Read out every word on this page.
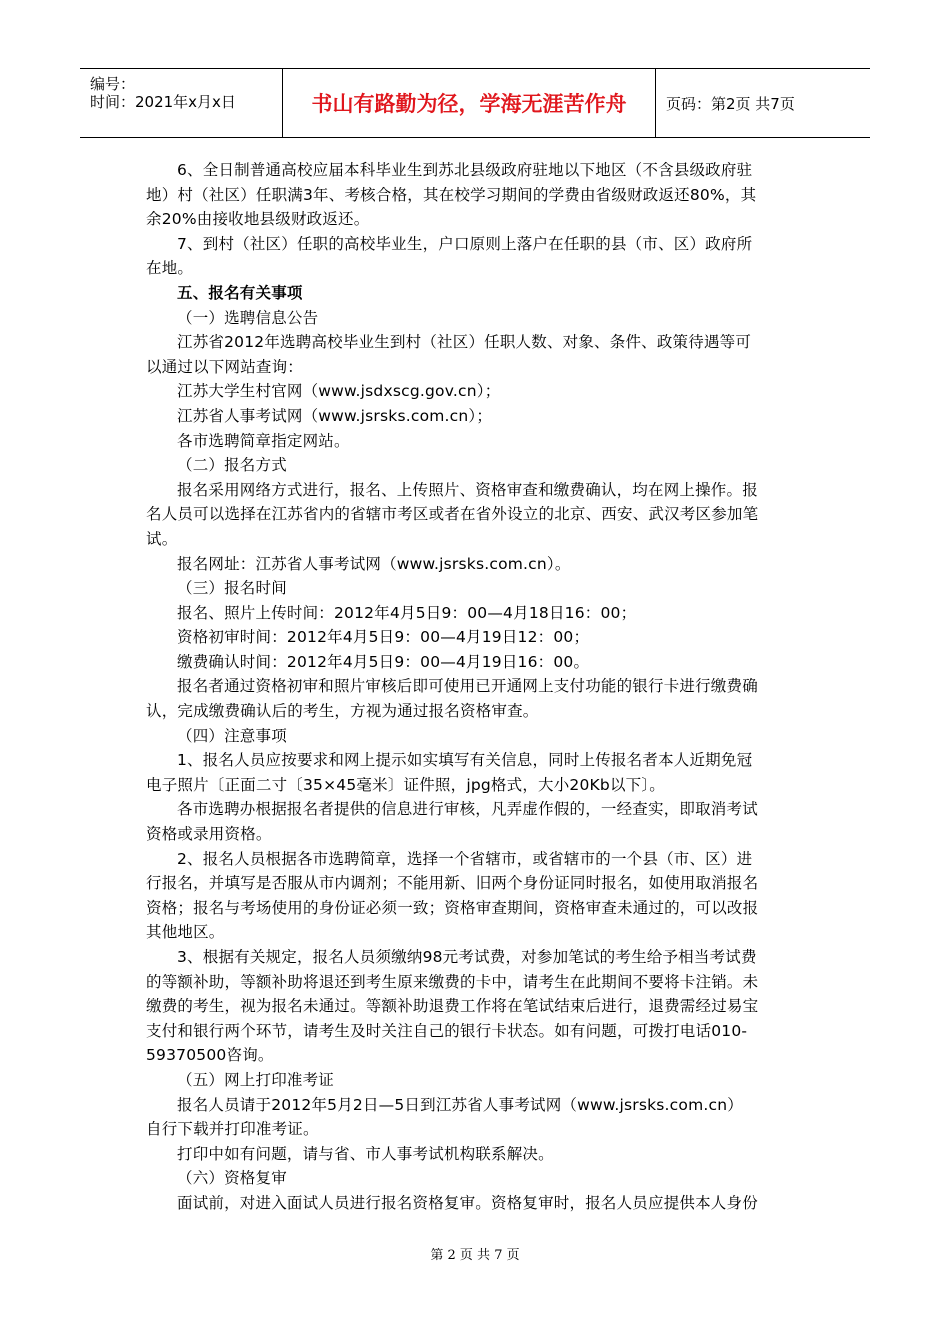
编号：
时间：2021年x月x日	书山有路勤为径，学海无涯苦作舟	页码：第2页 共7页
6、全日制普通高校应届本科毕业生到苏北县级政府驻地以下地区（不含县级政府驻
地）村（社区）任职满3年、考核合格，其在校学习期间的学费由省级财政返还80%，其
余20%由接收地县级财政返还。
7、到村（社区）任职的高校毕业生，户口原则上落户在任职的县（市、区）政府所
在地。
五、报名有关事项
（一）选聘信息公告
江苏省2012年选聘高校毕业生到村（社区）任职人数、对象、条件、政策待遇等可
以通过以下网站查询：
江苏大学生村官网（www.jsdxscg.gov.cn）；
江苏省人事考试网（www.jsrsks.com.cn）；
各市选聘简章指定网站。
（二）报名方式
报名采用网络方式进行，报名、上传照片、资格审查和缴费确认，均在网上操作。报
名人员可以选择在江苏省内的省辖市考区或者在省外设立的北京、西安、武汉考区参加笔
试。
报名网址：江苏省人事考试网（www.jsrsks.com.cn）。
（三）报名时间
报名、照片上传时间：2012年4月5日9：00—4月18日16：00；
资格初审时间：2012年4月5日9：00—4月19日12：00；
缴费确认时间：2012年4月5日9：00—4月19日16：00。
报名者通过资格初审和照片审核后即可使用已开通网上支付功能的银行卡进行缴费确
认，完成缴费确认后的考生，方视为通过报名资格审查。
（四）注意事项
1、报名人员应按要求和网上提示如实填写有关信息，同时上传报名者本人近期免冠
电子照片〔正面二寸〔35×45毫米〕证件照，jpg格式，大小20Kb以下〕。
各市选聘办根据报名者提供的信息进行审核，凡弄虚作假的，一经查实，即取消考试
资格或录用资格。
2、报名人员根据各市选聘简章，选择一个省辖市，或省辖市的一个县（市、区）进
行报名，并填写是否服从市内调剂；不能用新、旧两个身份证同时报名，如使用取消报名
资格；报名与考场使用的身份证必须一致；资格审查期间，资格审查未通过的，可以改报
其他地区。
3、根据有关规定，报名人员须缴纳98元考试费，对参加笔试的考生给予相当考试费
的等额补助，等额补助将退还到考生原来缴费的卡中，请考生在此期间不要将卡注销。未
缴费的考生，视为报名未通过。等额补助退费工作将在笔试结束后进行，退费需经过易宝
支付和银行两个环节，请考生及时关注自己的银行卡状态。如有问题，可拨打电话010-
59370500咨询。
（五）网上打印准考证
报名人员请于2012年5月2日—5日到江苏省人事考试网（www.jsrsks.com.cn）
自行下载并打印准考证。
打印中如有问题，请与省、市人事考试机构联系解决。
（六）资格复审
面试前，对进入面试人员进行报名资格复审。资格复审时，报名人员应提供本人身份
第 2 页 共 7 页
